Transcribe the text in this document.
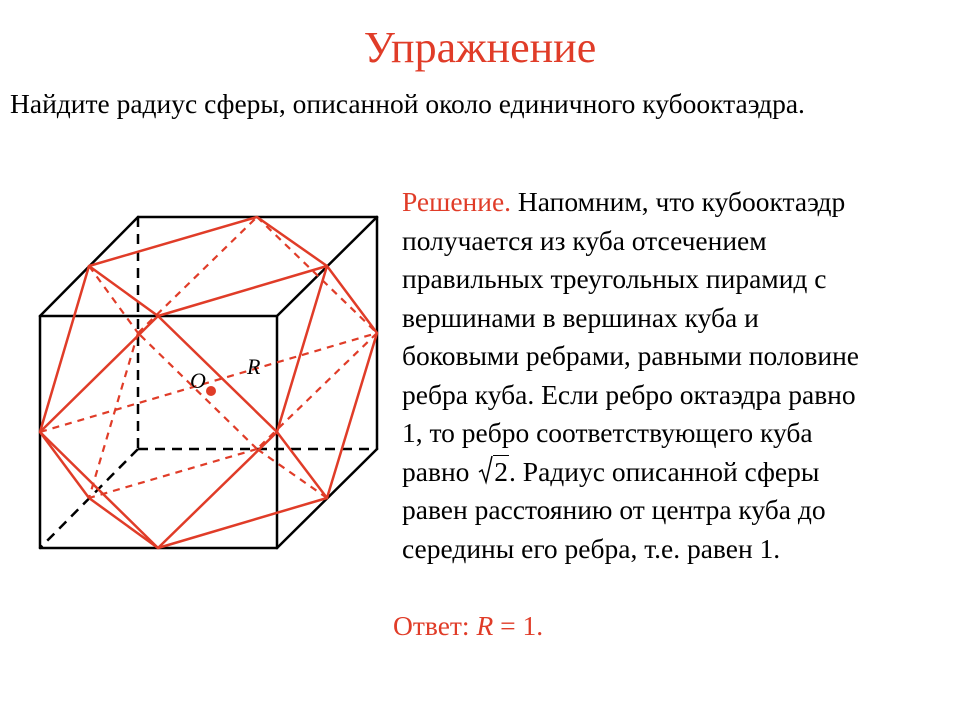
Упражнение
Найдите радиус сферы, описанной около единичного кубооктаэдра.
O
R
Решение. Напомним, что кубооктаэдр
получается из куба отсечением
правильных треугольных пирамид с
вершинами в вершинах куба и
боковыми ребрами, равными половине
ребра куба. Если ребро октаэдра равно
1, то ребро соответствующего куба
равно 2. Радиус описанной сферы
равен расстоянию от центра куба до
середины его ребра, т.е. равен 1.
Ответ: R = 1.
